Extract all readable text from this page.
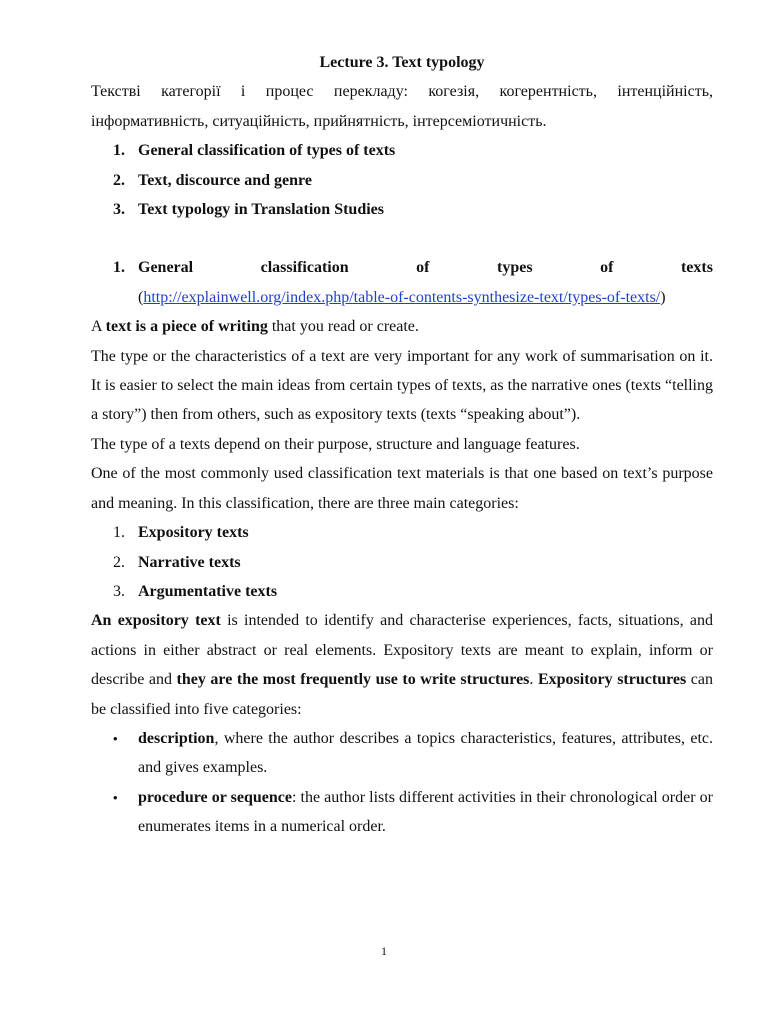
Lecture 3. Text typology

Текстві категорії і процес перекладу: когезія, когерентність, інтенційність, інформативність, ситуаційність, прийнятність, інтерсеміотичність.

1. General classification of types of texts
2. Text, discource and genre
3. Text typology in Translation Studies
1. General	classification	of	types	of	texts
(http://explainwell.org/index.php/table-of-contents-synthesize-text/types-of-texts/)

A text is a piece of writing that you read or create.

The type or the characteristics of a text are very important for any work of summarisation on it. It is easier to select the main ideas from certain types of texts, as the narrative ones (texts “telling a story”) then from others, such as expository texts (texts “speaking about”).

The type of a texts depend on their purpose, structure and language features.

One of the most commonly used classification text materials is that one based on text’s purpose and meaning. In this classification, there are three main categories:

1. Expository texts
2. Narrative texts
3. Argumentative texts

An expository text is intended to identify and characterise experiences, facts, situations, and actions in either abstract or real elements. Expository texts are meant to explain, inform or describe and they are the most frequently use to write structures. Expository structures can be classified into five categories:

• description, where the author describes a topics characteristics, features, attributes, etc. and gives examples.
• procedure or sequence: the author lists different activities in their chronological order or enumerates items in a numerical order.
1
